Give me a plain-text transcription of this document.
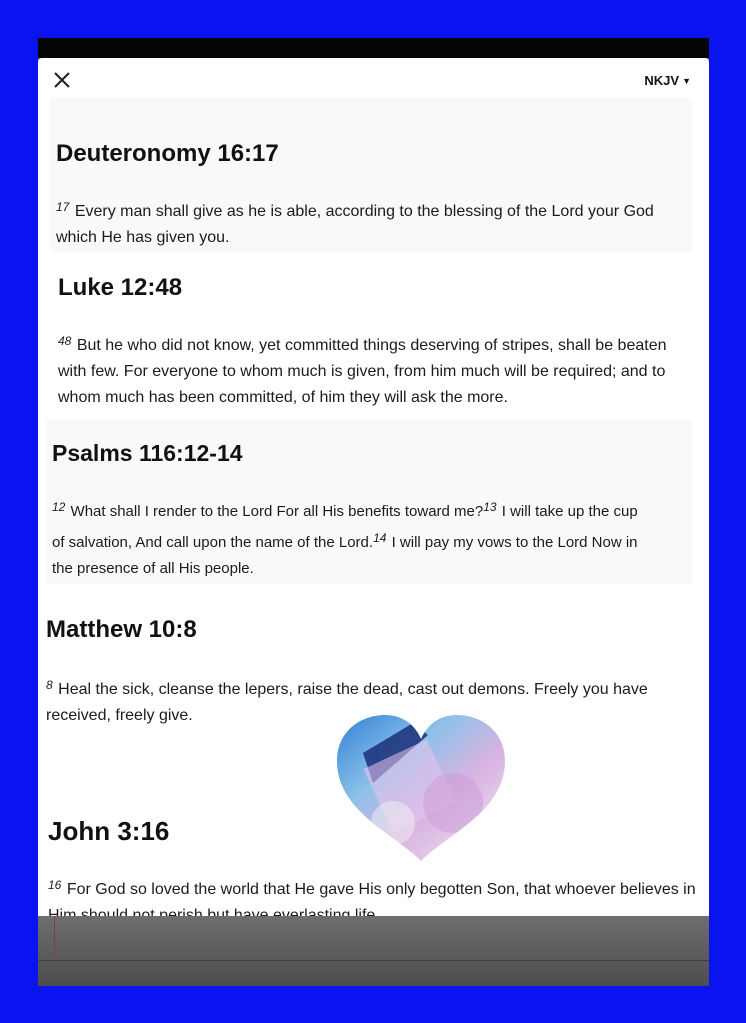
NKJV ▼
Deuteronomy 16:17
$^{17}$ Every man shall give as he is able, according to the blessing of the Lord your God which He has given you.
Luke 12:48
$^{48}$ But he who did not know, yet committed things deserving of stripes, shall be beaten with few. For everyone to whom much is given, from him much will be required; and to whom much has been committed, of him they will ask the more.
Psalms 116:12-14
$^{12}$ What shall I render to the Lord For all His benefits toward me?$^{13}$ I will take up the cup of salvation, And call upon the name of the Lord.$^{14}$ I will pay my vows to the Lord Now in the presence of all His people.
Matthew 10:8
$^8$ Heal the sick, cleanse the lepers, raise the dead, cast out demons. Freely you have received, freely give.
John 3:16
$^{16}$ For God so loved the world that He gave His only begotten Son, that whoever believes in
